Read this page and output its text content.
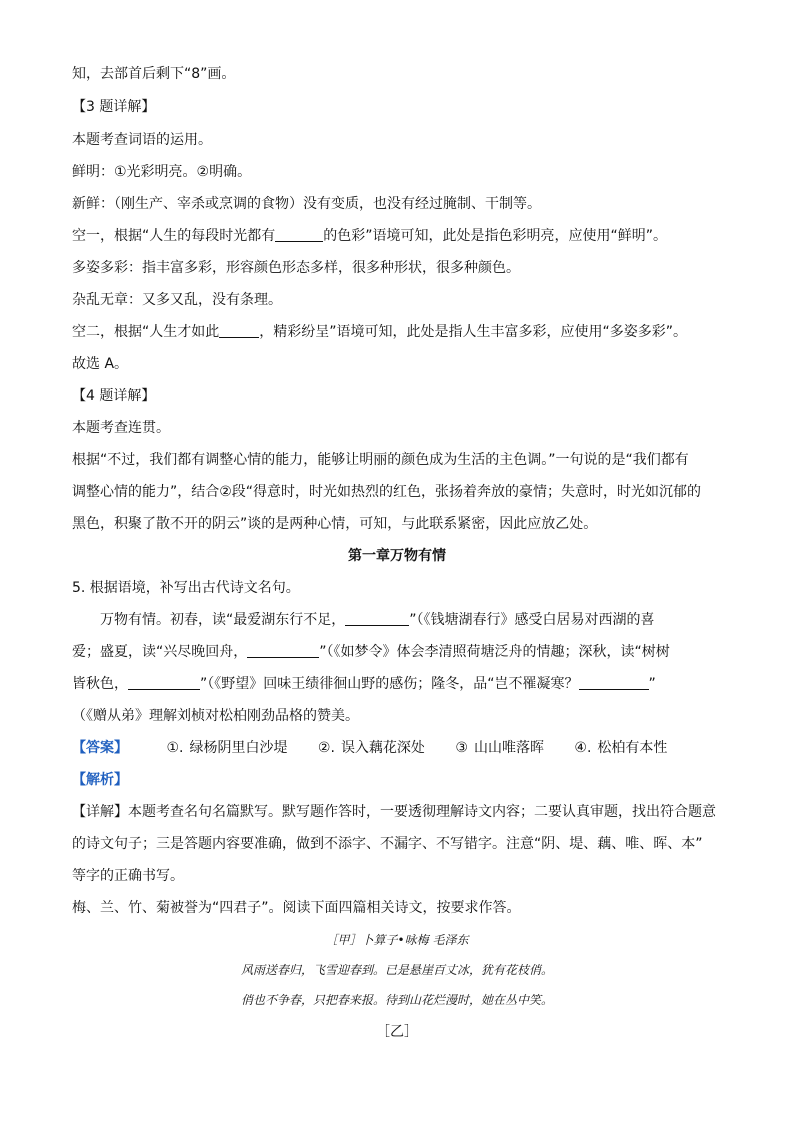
知，去部首后剩下“8”画。
【3 题详解】
本题考查词语的运用。
鲜明：①光彩明亮。②明确。
新鲜：（刚生产、宰杀或烹调的食物）没有变质，也没有经过腌制、干制等。
空一，根据“人生的每段时光都有	的色彩”语境可知，此处是指色彩明亮，应使用“鲜明”。
多姿多彩：指丰富多彩，形容颜色形态多样，很多种形状，很多种颜色。
杂乱无章：又多又乱，没有条理。
空二，根据“人生才如此	，精彩纷呈”语境可知，此处是指人生丰富多彩，应使用“多姿多彩”。
故选 A。
【4 题详解】
本题考查连贯。
根据“不过，我们都有调整心情的能力，能够让明丽的颜色成为生活的主色调。”一句说的是“我们都有
调整心情的能力”，结合②段“得意时，时光如热烈的红色，张扬着奔放的豪情；失意时，时光如沉郁的
黑色，积聚了散不开的阴云”谈的是两种心情，可知，与此联系紧密，因此应放乙处。
第一章万物有情
5. 根据语境，补写出古代诗文名句。
万物有情。初春，读“最爱湖东行不足，	”（《钱塘湖春行》感受白居易对西湖的喜
爱；盛夏，读“兴尽晚回舟，	”（《如梦令》体会李清照荷塘泛舟的情趣；深秋，读“树树
皆秋色，	”（《野望》回味王绩徘徊山野的感伤；隆冬，品“岂不罹凝寒？	”
（《赠从弟》理解刘桢对松柏刚劲品格的赞美。
【答案】	①. 绿杨阴里白沙堤 ②. 误入藕花深处 ③ 山山唯落晖 ④. 松柏有本性
【解析】
【详解】本题考查名句名篇默写。默写题作答时，一要透彻理解诗文内容；二要认真审题，找出符合题意
的诗文句子；三是答题内容要准确，做到不添字、不漏字、不写错字。注意“阴、堤、藕、唯、晖、本”
等字的正确书写。
梅、兰、竹、菊被誉为“四君子”。阅读下面四篇相关诗文，按要求作答。
［甲］卜算子•咏梅 毛泽东
风雨送春归，飞雪迎春到。已是悬崖百丈冰，犹有花枝俏。
俏也不争春，只把春来报。待到山花烂漫时，她在丛中笑。
［乙］
